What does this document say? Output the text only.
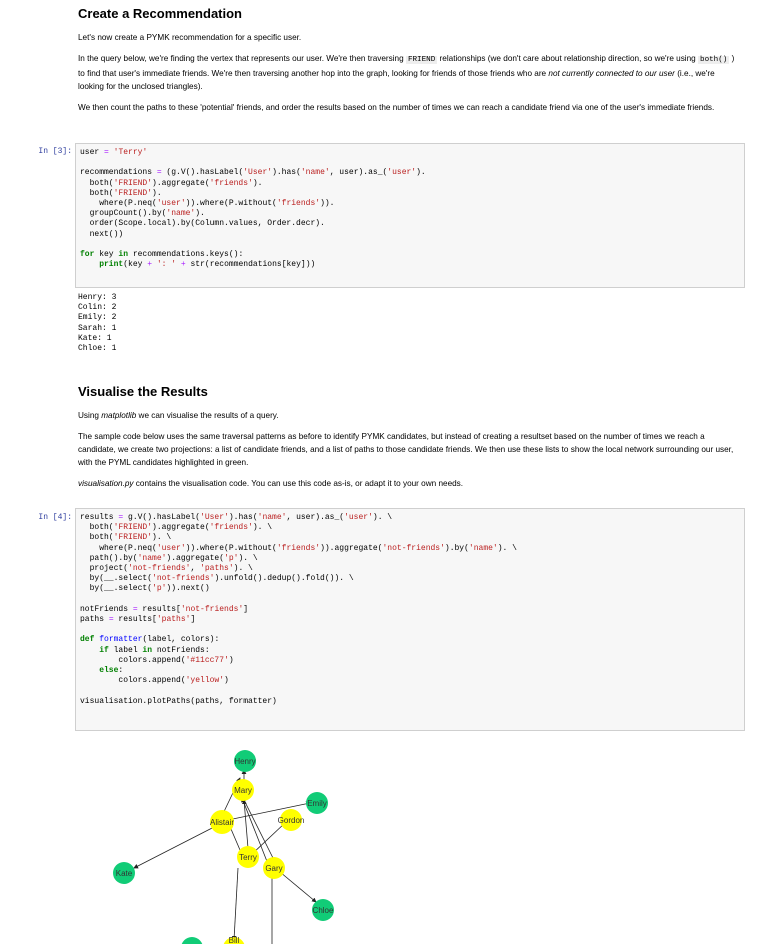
Create a Recommendation

Let's now create a PYMK recommendation for a specific user.

In the query below, we're finding the vertex that represents our user. We're then traversing FRIEND relationships (we don't care about relationship direction, so we're using both() ) to find that user's immediate friends. We're then traversing another hop into the graph, looking for friends of those friends who are not currently connected to our user (i.e., we're looking for the unclosed triangles).

We then count the paths to these 'potential' friends, and order the results based on the number of times we can reach a candidate friend via one of the user's immediate friends.

In [3]:	user = 'Terry'

recommendations = (g.V().hasLabel('User').has('name', user).as_('user').
both('FRIEND').aggregate('friends').
both('FRIEND').
where(P.neq('user')).where(P.without('friends')).
groupCount().by('name').
order(Scope.local).by(Column.values, Order.decr).
next())

for key in recommendations.keys():
print(key + ': ' + str(recommendations[key]))
Henry: 3
Colin: 2
Emily: 2
Sarah: 1
Kate: 1
Chloe: 1
Visualise the Results

Using matplotlib we can visualise the results of a query.

The sample code below uses the same traversal patterns as before to identify PYMK candidates, but instead of creating a resultset based on the number of times we reach a candidate, we create two projections: a list of candidate friends, and a list of paths to those candidate friends. We then use these lists to show the local network surrounding our user, with the PYML candidates highlighted in green.

visualisation.py contains the visualisation code. You can use this code as-is, or adapt it to your own needs.

In [4]:	results = g.V().hasLabel('User').has('name', user).as_('user'). \
both('FRIEND').aggregate('friends'). \
both('FRIEND'). \
where(P.neq('user')).where(P.without('friends')).aggregate('not-friends').by('name'). \
path().by('name').aggregate('p'). \
project('not-friends', 'paths'). \
by(__.select('not-friends').unfold().dedup().fold()). \
by(__.select('p')).next()

notFriends = results['not-friends']
paths = results['paths']

def formatter(label, colors):
if label in notFriends:
colors.append('#11cc77')
else:
colors.append('yellow')

visualisation.plotPaths(paths, formatter)
Henry
Mary
Emily
Alistair	Gordon
Terry
Gary
Kate
Chloe
Bill
